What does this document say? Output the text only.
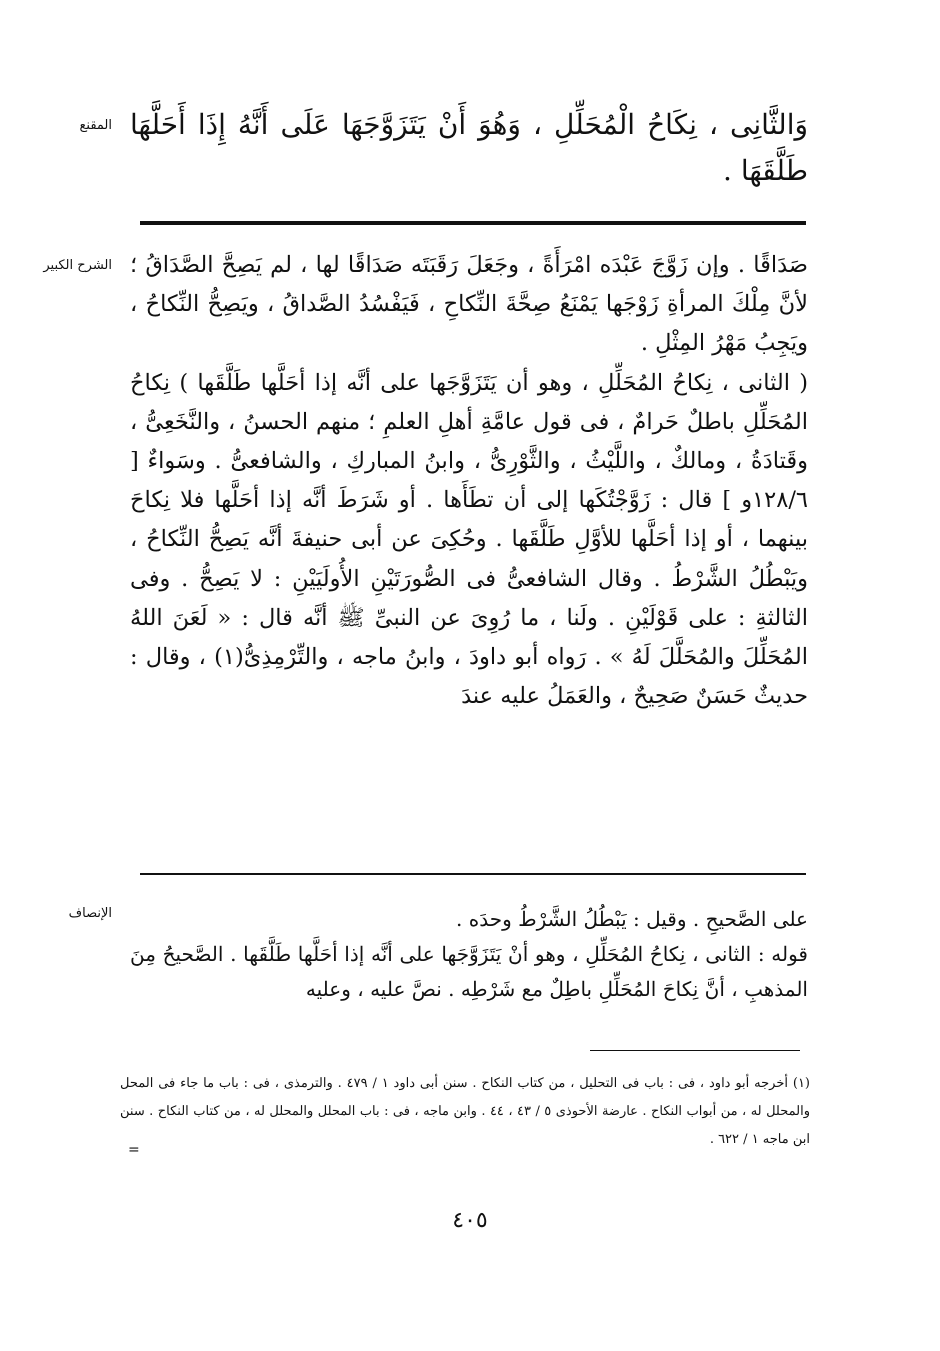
المقنع وَالثَّانِى ، نِكَاحُ الْمُحَلِّلِ ، وَهُوَ أَنْ يَتَزَوَّجَهَا عَلَى أَنَّهُ إِذَا أَحَلَّهَا طَلَّقَهَا .

الشرح الكبير صَدَاقًا . وإن زَوَّجَ عَبْدَه امْرَأَةً ، وجَعَلَ رَقَبَتَه صَدَاقًا لها ، لم يَصِحَّ الصَّدَاقُ ؛ لأنَّ مِلْكَ المرأةِ زَوْجَها يَمْنَعُ صِحَّةَ النِّكاحِ ، فَيَفْسُدُ الصَّداقُ ، ويَصِحُّ النِّكاحُ ، ويَجِبُ مَهْرُ المِثْلِ .

( الثانى ، نِكاحُ المُحَلِّلِ ، وهو أن يَتَزَوَّجَها على أنَّه إذا أحَلَّها طَلَّقَها ) نِكاحُ المُحَلِّلِ باطلٌ حَرامٌ ، فى قول عامَّةِ أهلِ العلمِ ؛ منهم الحسنُ ، والنَّخَعِىُّ ، وقَتادَةُ ، ومالكٌ ، واللَّيْثُ ، والثَّوْرِىُّ ، وابنُ المباركِ ، والشافعىُّ . وسَواءٌ [ ١٢٨/٦و ] قال : زَوَّجْتُكَها إلى أن تطَأَها . أو شَرَطَ أنَّه إذا أحَلَّها فلا نِكاحَ بينهما ، أو إذا أحَلَّها للأوَّلِ طَلَّقَها . وحُكِىَ عن أبى حنيفةَ أنَّه يَصِحُّ النِّكاحُ ، ويَبْطُلُ الشَّرْطُ . وقال الشافعىُّ فى الصُّورَتَيْنِ الأُولَيَيْنِ : لا يَصِحُّ . وفى الثالثةِ : على قَوْلَيْنِ . ولَنا ، ما رُوِىَ عن النبىِّ ﷺ أنَّه قال : « لَعَنَ اللهُ المُحَلِّلَ والمُحَلَّلَ لَهُ » . رَواه أبو داودَ ، وابنُ ماجه ، والتِّرْمِذِىُّ(١) ، وقال : حديثٌ حَسَنٌ صَحِيحٌ ، والعَمَلُ عليه عندَ

الإنصاف	على الصَّحيحِ . وقيل : يَبْطُلُ الشَّرْطُ وحدَه .

قوله : الثانى ، نِكاحُ المُحَلِّلِ ، وهو أنْ يَتَزَوَّجَها على أنَّه إذا أحَلَّها طَلَّقَها . الصَّحيحُ مِنَ المذهبِ ، أنَّ نِكاحَ المُحَلِّلِ باطِلٌ مع شَرْطِه . نصَّ عليه ، وعليه

(١) أخرجه أبو داود ، فى : باب فى التحليل ، من كتاب النكاح . سنن أبى داود ١ / ٤٧٩ . والترمذى ، فى : باب ما جاء فى المحل والمحلل له ، من أبواب النكاح . عارضة الأحوذى ٥ / ٤٣ ، ٤٤ . وابن ماجه ، فى : باب المحلل والمحلل له ، من كتاب النكاح . سنن ابن ماجه ١ / ٦٢٢ .
=
٤٠٥
